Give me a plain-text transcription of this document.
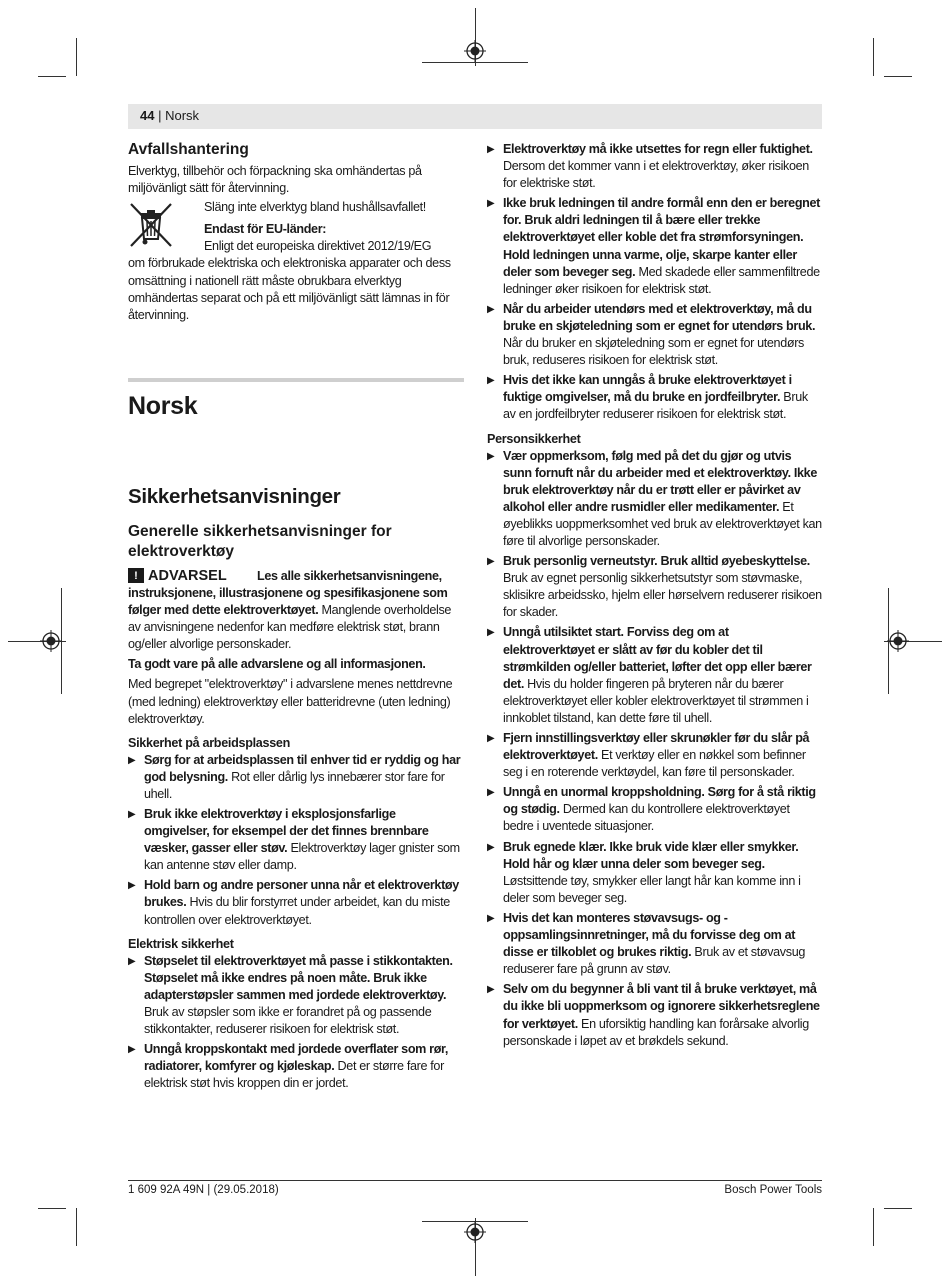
44 | Norsk
Avfallshantering

Elverktyg, tillbehör och förpackning ska omhändertas på miljövänligt sätt för återvinning.

Släng inte elverktyg bland hushållsavfallet!

Endast för EU-länder:

Enligt det europeiska direktivet 2012/19/EG

om förbrukade elektriska och elektroniska apparater och dess omsättning i nationell rätt måste obrukbara elverktyg omhändertas separat och på ett miljövänligt sätt lämnas in för återvinning.

Norsk
Sikkerhetsanvisninger
Generelle sikkerhetsanvisninger for elektroverktøy
! ADVARSEL	Les alle sikkerhetsanvisningene, instruksjonene, illustrasjonene og spesifikasjonene som følger med dette elektroverktøyet. Manglende overholdelse av anvisningene nedenfor kan medføre elektrisk støt, brann og/eller alvorlige personskader.

Ta godt vare på alle advarslene og all informasjonen.

Med begrepet "elektroverktøy" i advarslene menes nettdrevne (med ledning) elektroverktøy eller batteridrevne (uten ledning) elektroverktøy.

Sikkerhet på arbeidsplassen
▶ Sørg for at arbeidsplassen til enhver tid er ryddig og har god belysning. Rot eller dårlig lys innebærer stor fare for uhell.
▶ Bruk ikke elektroverktøy i eksplosjonsfarlige omgivelser, for eksempel der det finnes brennbare væsker, gasser eller støv. Elektroverktøy lager gnister som kan antenne støv eller damp.
▶ Hold barn og andre personer unna når et elektroverktøy brukes. Hvis du blir forstyrret under arbeidet, kan du miste kontrollen over elektroverktøyet.
Elektrisk sikkerhet
▶ Støpselet til elektroverktøyet må passe i stikkontakten. Støpselet må ikke endres på noen måte. Bruk ikke adapterstøpsler sammen med jordede elektroverktøy. Bruk av støpsler som ikke er forandret på og passende stikkontakter, reduserer risikoen for elektrisk støt.
▶ Unngå kroppskontakt med jordede overflater som rør, radiatorer, komfyrer og kjøleskap. Det er større fare for elektrisk støt hvis kroppen din er jordet.
▶ Elektroverktøy må ikke utsettes for regn eller fuktighet. Dersom det kommer vann i et elektroverktøy, øker risikoen for elektriske støt.
▶ Ikke bruk ledningen til andre formål enn den er beregnet for. Bruk aldri ledningen til å bære eller trekke elektroverktøyet eller koble det fra strømforsyningen. Hold ledningen unna varme, olje, skarpe kanter eller deler som beveger seg. Med skadede eller sammenfiltrede ledninger øker risikoen for elektrisk støt.
▶ Når du arbeider utendørs med et elektroverktøy, må du bruke en skjøteledning som er egnet for utendørs bruk. Når du bruker en skjøteledning som er egnet for utendørs bruk, reduseres risikoen for elektrisk støt.
▶ Hvis det ikke kan unngås å bruke elektroverktøyet i fuktige omgivelser, må du bruke en jordfeilbryter. Bruk av en jordfeilbryter reduserer risikoen for elektrisk støt.
Personsikkerhet
▶ Vær oppmerksom, følg med på det du gjør og utvis sunn fornuft når du arbeider med et elektroverktøy. Ikke bruk elektroverktøy når du er trøtt eller er påvirket av alkohol eller andre rusmidler eller medikamenter. Et øyeblikks uoppmerksomhet ved bruk av elektroverktøyet kan føre til alvorlige personskader.
▶ Bruk personlig verneutstyr. Bruk alltid øyebeskyttelse. Bruk av egnet personlig sikkerhetsutstyr som støvmaske, sklisikre arbeidssko, hjelm eller hørselvern reduserer risikoen for skader.
▶ Unngå utilsiktet start. Forviss deg om at elektroverktøyet er slått av før du kobler det til strømkilden og/eller batteriet, løfter det opp eller bærer det. Hvis du holder fingeren på bryteren når du bærer elektroverktøyet eller kobler elektroverktøyet til strømmen i innkoblet tilstand, kan dette føre til uhell.
▶ Fjern innstillingsverktøy eller skrunøkler før du slår på elektroverktøyet. Et verktøy eller en nøkkel som befinner seg i en roterende verktøydel, kan føre til personskader.
▶ Unngå en unormal kroppsholdning. Sørg for å stå riktig og stødig. Dermed kan du kontrollere elektroverktøyet bedre i uventede situasjoner.
▶ Bruk egnede klær. Ikke bruk vide klær eller smykker. Hold hår og klær unna deler som beveger seg. Løstsittende tøy, smykker eller langt hår kan komme inn i deler som beveger seg.
▶ Hvis det kan monteres støvavsugs- og -oppsamlingsinnretninger, må du forvisse deg om at disse er tilkoblet og brukes riktig. Bruk av et støvavsug reduserer fare på grunn av støv.
▶ Selv om du begynner å bli vant til å bruke verktøyet, må du ikke bli uoppmerksom og ignorere sikkerhetsreglene for verktøyet. En uforsiktig handling kan forårsake alvorlig personskade i løpet av et brøkdels sekund.
1 609 92A 49N | (29.05.2018)	Bosch Power Tools
